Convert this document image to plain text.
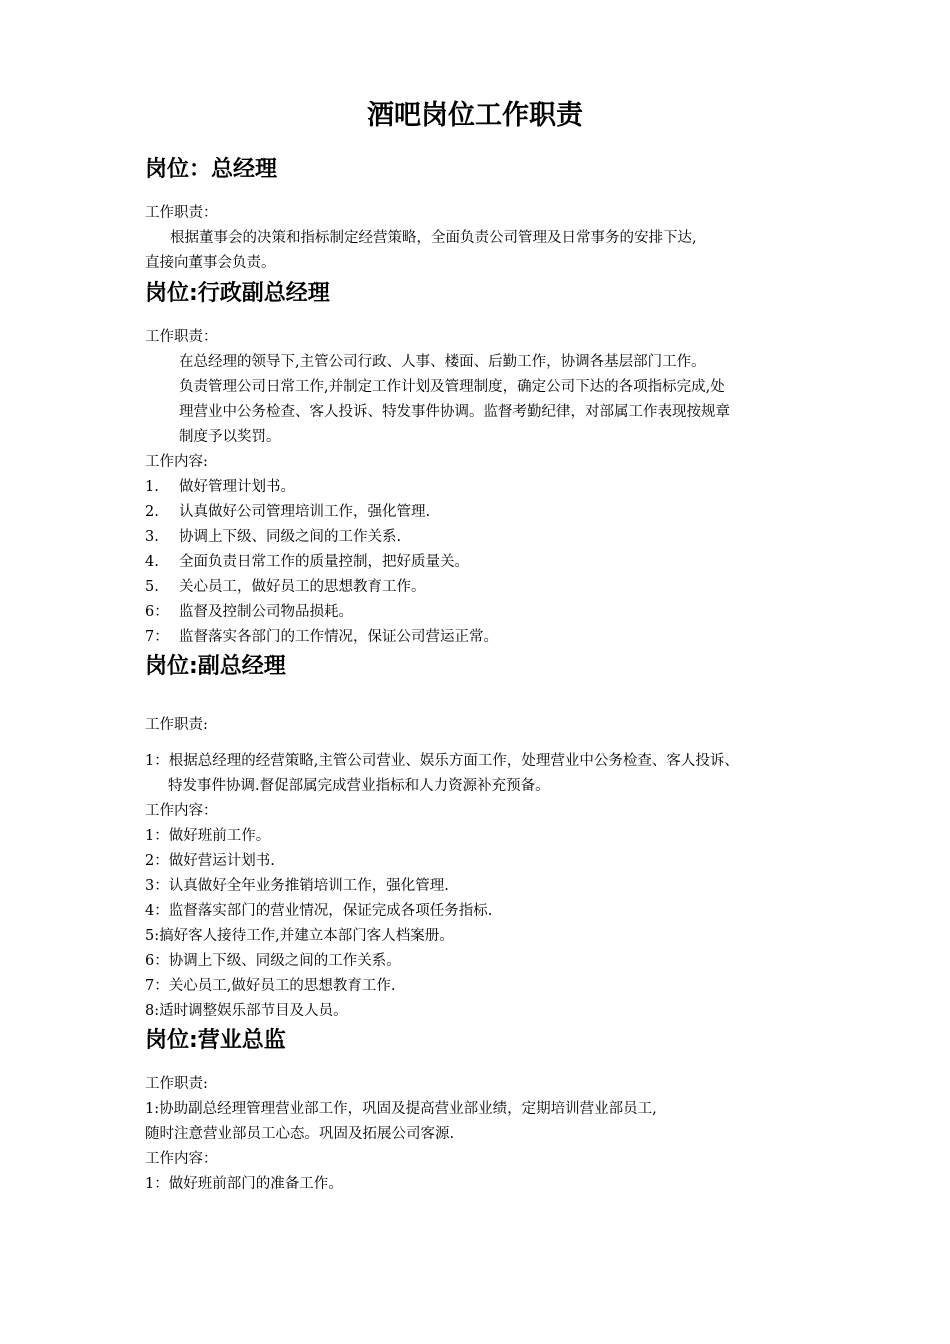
酒吧岗位工作职责
岗位：总经理

工作职责：

根据董事会的决策和指标制定经营策略，全面负责公司管理及日常事务的安排下达,

直接向董事会负责。

岗位:行政副总经理

工作职责：

在总经理的领导下,主管公司行政、人事、楼面、后勤工作，协调各基层部门工作。

负责管理公司日常工作,并制定工作计划及管理制度，确定公司下达的各项指标完成,处

理营业中公务检查、客人投诉、特发事件协调。监督考勤纪律，对部属工作表现按规章

制度予以奖罚。

工作内容:

1. 做好管理计划书。
2. 认真做好公司管理培训工作，强化管理.
3. 协调上下级、同级之间的工作关系.
4. 全面负责日常工作的质量控制，把好质量关。
5. 关心员工，做好员工的思想教育工作。
6： 监督及控制公司物品损耗。
7： 监督落实各部门的工作情况，保证公司营运正常。
岗位:副总经理

工作职责:

1：根据总经理的经营策略,主管公司营业、娱乐方面工作，处理营业中公务检查、客人投诉、

特发事件协调.督促部属完成营业指标和人力资源补充预备。

工作内容：

1：做好班前工作。

2：做好营运计划书.

3：认真做好全年业务推销培训工作，强化管理.

4：监督落实部门的营业情况，保证完成各项任务指标.

5:搞好客人接待工作,并建立本部门客人档案册。

6：协调上下级、同级之间的工作关系。

7：关心员工,做好员工的思想教育工作.

8:适时调整娱乐部节目及人员。

岗位:营业总监

工作职责:

1:协助副总经理管理营业部工作，巩固及提高营业部业绩，定期培训营业部员工,

随时注意营业部员工心态。巩固及拓展公司客源.

工作内容：

1：做好班前部门的准备工作。
